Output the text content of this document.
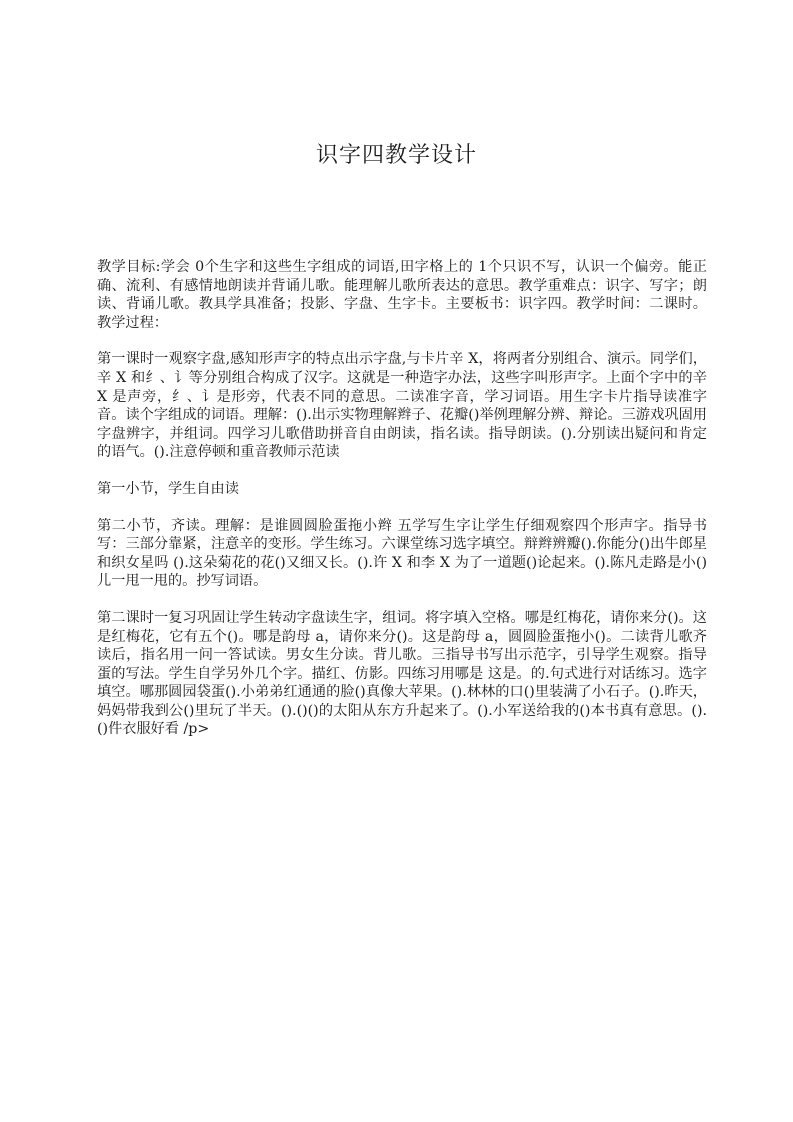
识字四教学设计

教学目标:学会 0个生字和这些生字组成的词语,田字格上的 1个只识不写，认识一个偏旁。能正确、流利、有感情地朗读并背诵儿歌。能理解儿歌所表达的意思。教学重难点：识字、写字；朗读、背诵儿歌。教具学具准备；投影、字盘、生字卡。主要板书：识字四。教学时间：二课时。教学过程：

第一课时一观察字盘,感知形声字的特点出示字盘,与卡片辛 X，将两者分别组合、演示。同学们，辛 X 和纟、讠等分别组合构成了汉字。这就是一种造字办法，这些字叫形声字。上面个字中的辛 X 是声旁，纟、讠是形旁，代表不同的意思。二读准字音，学习词语。用生字卡片指导读准字音。读个字组成的词语。理解：().出示实物理解辫子、花瓣()举例理解分辨、辩论。三游戏巩固用字盘辨字，并组词。四学习儿歌借助拼音自由朗读，指名读。指导朗读。().分别读出疑问和肯定的语气。().注意停顿和重音教师示范读

第一小节，学生自由读

第二小节，齐读。理解：是谁圆圆脸蛋拖小辫 五学写生字让学生仔细观察四个形声字。指导书写：三部分靠紧，注意辛的变形。学生练习。六课堂练习选字填空。辩辫辨瓣().你能分()出牛郎星和织女星吗 ().这朵菊花的花()又细又长。().许 X 和李 X 为了一道题()论起来。().陈凡走路是小()儿一甩一甩的。抄写词语。

第二课时一复习巩固让学生转动字盘读生字，组词。将字填入空格。哪是红梅花，请你来分()。这是红梅花，它有五个()。哪是韵母 a，请你来分()。这是韵母 a，圆圆脸蛋拖小()。二读背儿歌齐读后，指名用一问一答试读。男女生分读。背儿歌。三指导书写出示范字，引导学生观察。指导蛋的写法。学生自学另外几个字。描红、仿影。四练习用哪是 这是。的.句式进行对话练习。选字填空。哪那圆园袋蛋().小弟弟红通通的脸()真像大苹果。().林林的口()里装满了小石子。().昨天，妈妈带我到公()里玩了半天。().()()的太阳从东方升起来了。().小军送给我的()本书真有意思。().()件衣服好看 /p>
